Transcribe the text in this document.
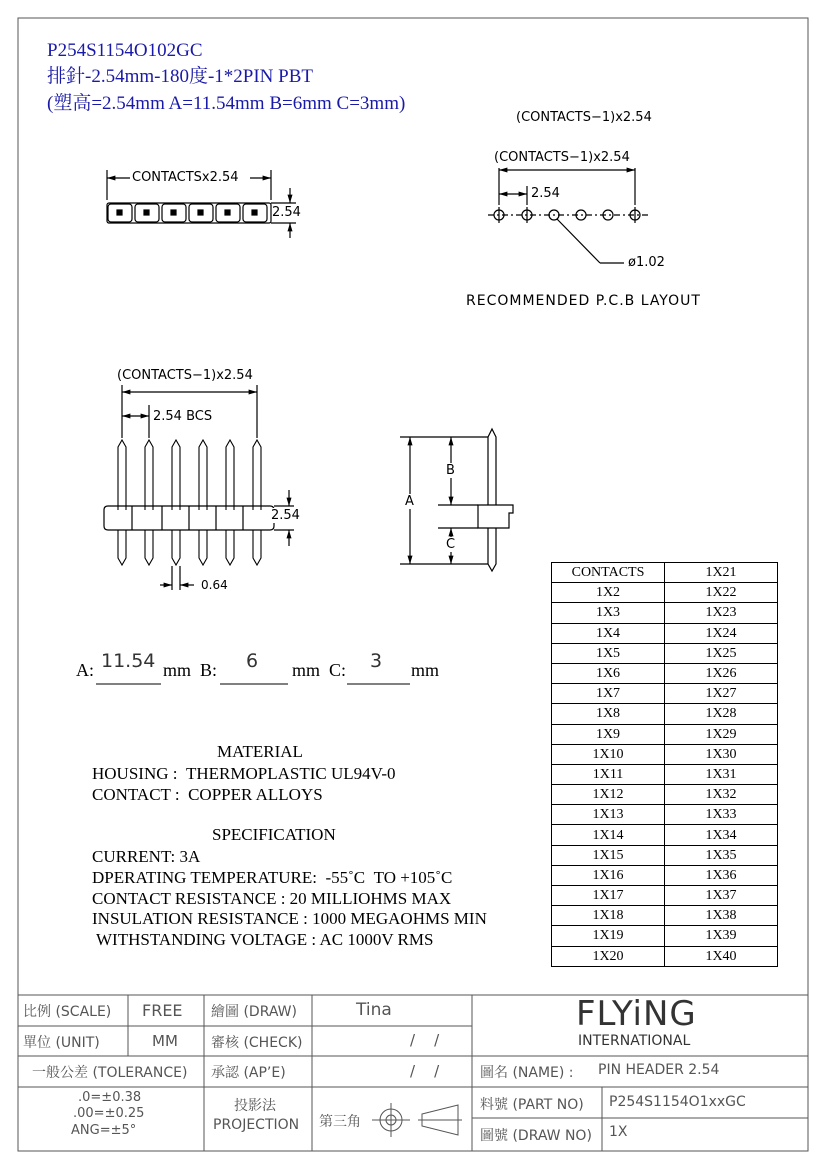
P254S1154O102GC
排針-2.54mm-180度-1*2PIN PBT
(塑高=2.54mm A=11.54mm B=6mm C=3mm)
CONTACTSx2.54
2.54
(CONTACTS−1)x2.54
(CONTACTS−1)x2.54
2.54
ø1.02
RECOMMENDED P.C.B LAYOUT
(CONTACTS−1)x2.54
2.54 BCS
2.54
0.64
A
B
C
A: 11.54 mm B: 6 mm C: 3 mm
MATERIAL
HOUSING :  THERMOPLASTIC UL94V-0
CONTACT :  COPPER ALLOYS
SPECIFICATION
CURRENT: 3A
DPERATING TEMPERATURE:  -55˚C  TO +105˚C
CONTACT RESISTANCE : 20 MILLIOHMS MAX
INSULATION RESISTANCE : 1000 MEGAOHMS MIN
WITHSTANDING VOLTAGE : AC 1000V RMS
CONTACTS	1X21
1X2	1X22
1X3	1X23
1X4	1X24
1X5	1X25
1X6	1X26
1X7	1X27
1X8	1X28
1X9	1X29
1X10	1X30
1X11	1X31
1X12	1X32
1X13	1X33
1X14	1X34
1X15	1X35
1X16	1X36
1X17	1X37
1X18	1X38
1X19	1X39
1X20	1X40
比例 (SCALE) FREE
單位 (UNIT)	MM
一般公差 (TOLERANCE)
.0=±0.38
.00=±0.25
ANG=±5°
繪圖 (DRAW)	Tina
審核 (CHECK)	/    /
承認 (AP’E)	/    /
投影法
PROJECTION 第三角
FLYiNG
INTERNATIONAL
圖名 (NAME) : PIN HEADER 2.54
料號 (PART NO) P254S1154O1xxGC
圖號 (DRAW NO) 1X
